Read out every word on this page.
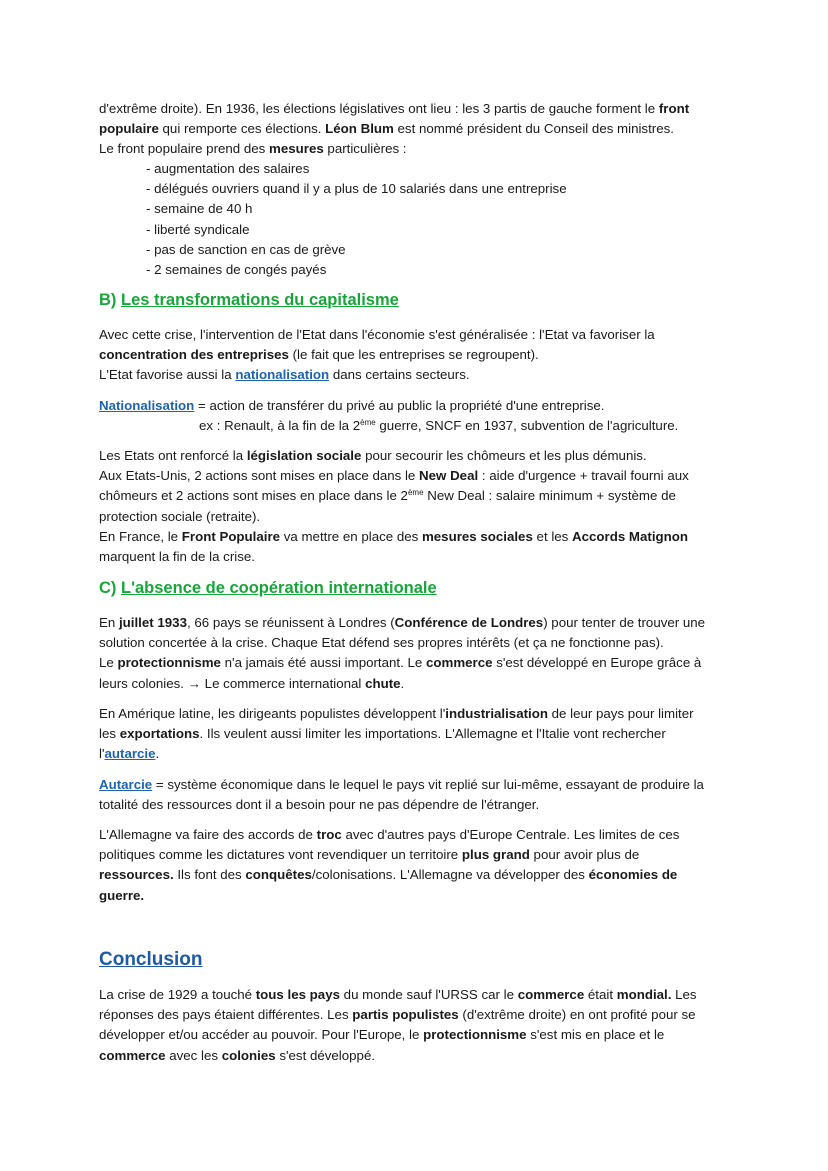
d'extrême droite). En 1936, les élections législatives ont lieu : les 3 partis de gauche forment le front
populaire qui remporte ces élections. Léon Blum est nommé président du Conseil des ministres.
Le front populaire prend des mesures particulières :

- augmentation des salaires
- délégués ouvriers quand il y a plus de 10 salariés dans une entreprise
- semaine de 40 h
- liberté syndicale
- pas de sanction en cas de grève
- 2 semaines de congés payés
B) Les transformations du capitalisme

Avec cette crise, l'intervention de l'Etat dans l'économie s'est généralisée : l'Etat va favoriser la
concentration des entreprises (le fait que les entreprises se regroupent).
L'Etat favorise aussi la nationalisation dans certains secteurs.

Nationalisation = action de transférer du privé au public la propriété d'une entreprise.
ex : Renault, à la fin de la 2ème guerre, SNCF en 1937, subvention de l'agriculture.

Les Etats ont renforcé la législation sociale pour secourir les chômeurs et les plus démunis.
Aux Etats-Unis, 2 actions sont mises en place dans le New Deal : aide d'urgence + travail fourni aux
chômeurs et 2 actions sont mises en place dans le 2ème New Deal : salaire minimum + système de
protection sociale (retraite).
En France, le Front Populaire va mettre en place des mesures sociales et les Accords Matignon
marquent la fin de la crise.

C) L'absence de coopération internationale

En juillet 1933, 66 pays se réunissent à Londres (Conférence de Londres) pour tenter de trouver une
solution concertée à la crise. Chaque Etat défend ses propres intérêts (et ça ne fonctionne pas).
Le protectionnisme n'a jamais été aussi important. Le commerce s'est développé en Europe grâce à
leurs colonies. → Le commerce international chute.

En Amérique latine, les dirigeants populistes développent l'industrialisation de leur pays pour limiter
les exportations. Ils veulent aussi limiter les importations. L'Allemagne et l'Italie vont rechercher
l'autarcie.

Autarcie = système économique dans le lequel le pays vit replié sur lui-même, essayant de produire la
totalité des ressources dont il a besoin pour ne pas dépendre de l'étranger.

L'Allemagne va faire des accords de troc avec d'autres pays d'Europe Centrale. Les limites de ces
politiques comme les dictatures vont revendiquer un territoire plus grand pour avoir plus de
ressources. Ils font des conquêtes/colonisations. L'Allemagne va développer des économies de
guerre.

Conclusion

La crise de 1929 a touché tous les pays du monde sauf l'URSS car le commerce était mondial. Les
réponses des pays étaient différentes. Les partis populistes (d'extrême droite) en ont profité pour se
développer et/ou accéder au pouvoir. Pour l'Europe, le protectionnisme s'est mis en place et le
commerce avec les colonies s'est développé.
